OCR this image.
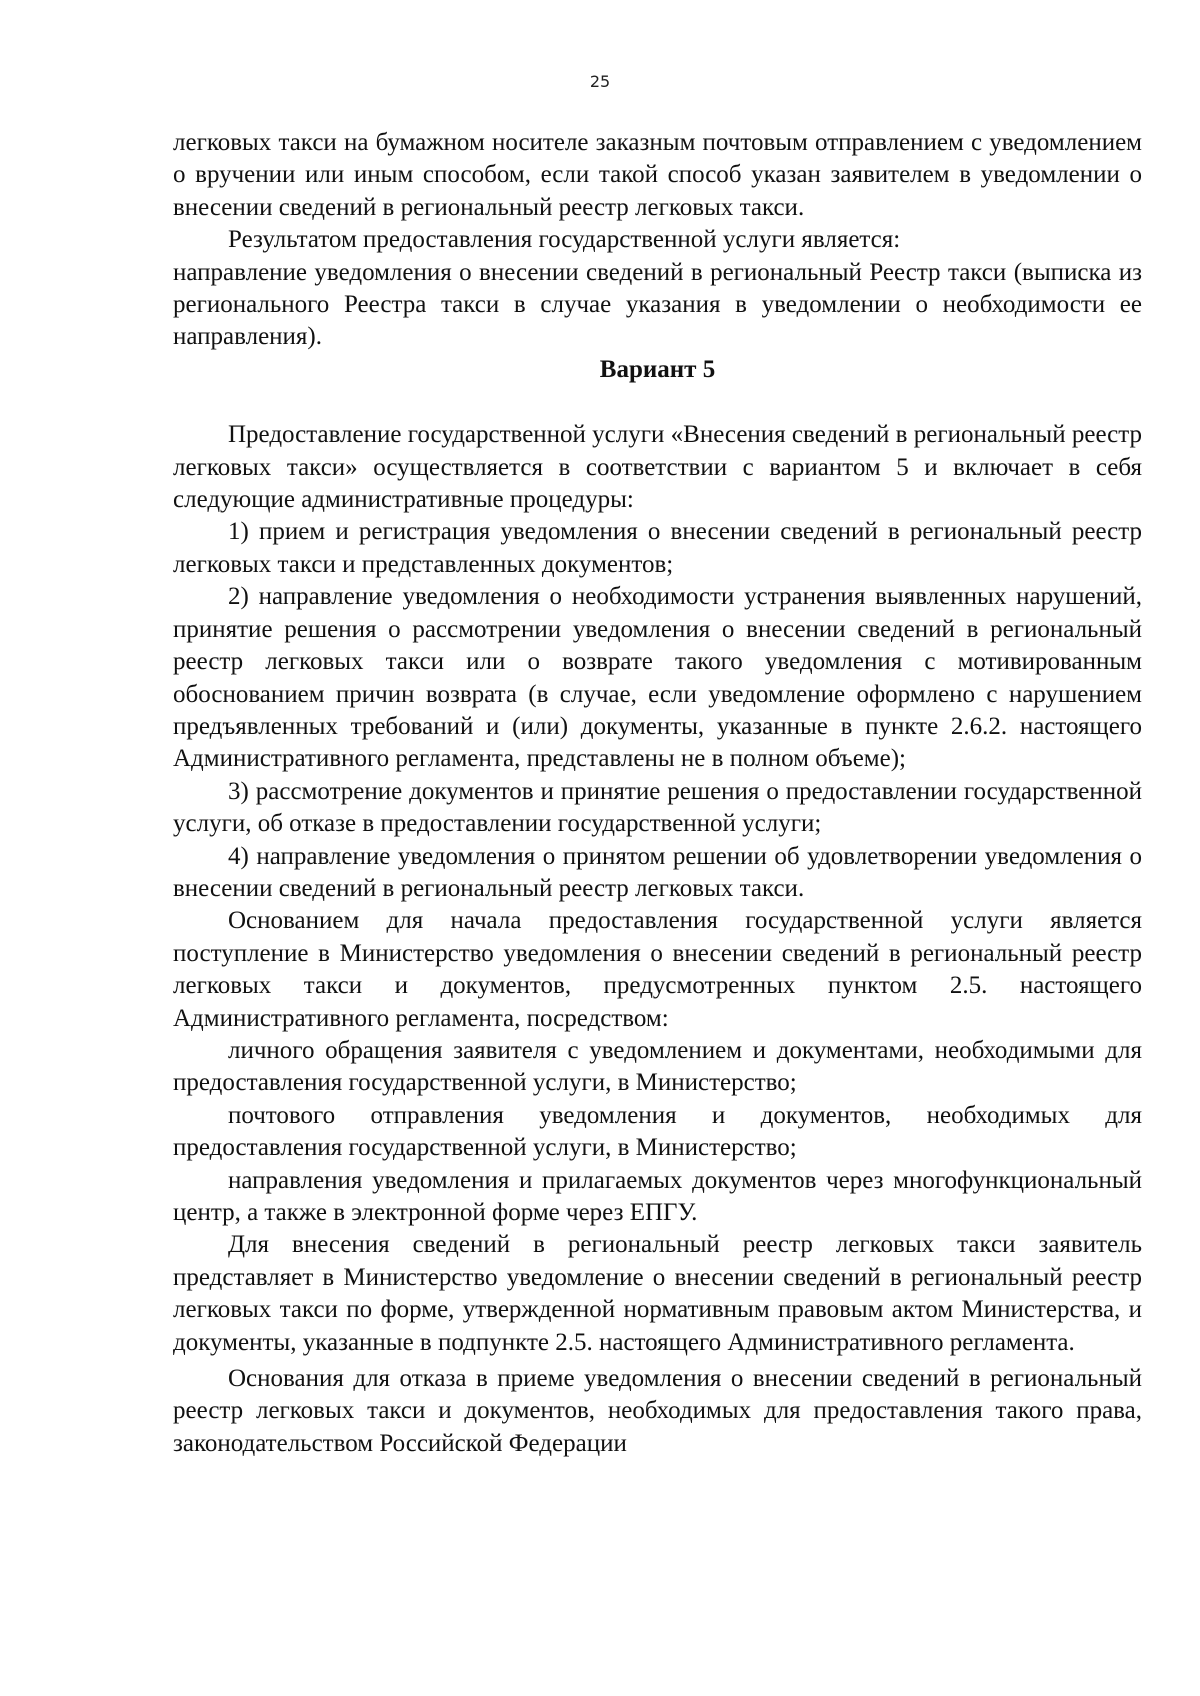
25

легковых такси на бумажном носителе заказным почтовым отправлением с уведомлением о вручении или иным способом, если такой способ указан заявителем в уведомлении о внесении сведений в региональный реестр легковых такси.

Результатом предоставления государственной услуги является:

направление уведомления о внесении сведений в региональный Реестр такси (выписка из регионального Реестра такси в случае указания в уведомлении о необходимости ее направления).

Вариант 5

Предоставление государственной услуги «Внесения сведений в региональный реестр легковых такси» осуществляется в соответствии с вариантом 5 и включает в себя следующие административные процедуры:

1) прием и регистрация уведомления о внесении сведений в региональный реестр легковых такси и представленных документов;

2) направление уведомления о необходимости устранения выявленных нарушений, принятие решения о рассмотрении уведомления о внесении сведений в региональный реестр легковых такси или о возврате такого уведомления с мотивированным обоснованием причин возврата (в случае, если уведомление оформлено с нарушением предъявленных требований и (или) документы, указанные в пункте 2.6.2. настоящего Административного регламента, представлены не в полном объеме);

3) рассмотрение документов и принятие решения о предоставлении государственной услуги, об отказе в предоставлении государственной услуги;

4) направление уведомления о принятом решении об удовлетворении уведомления о внесении сведений в региональный реестр легковых такси.

Основанием для начала предоставления государственной услуги является поступление в Министерство уведомления о внесении сведений в региональный реестр легковых такси и документов, предусмотренных пунктом 2.5. настоящего Административного регламента, посредством:

личного обращения заявителя с уведомлением и документами, необходимыми для предоставления государственной услуги, в Министерство;

почтового отправления уведомления и документов, необходимых для предоставления государственной услуги, в Министерство;

направления уведомления и прилагаемых документов через многофункциональный центр, а также в электронной форме через ЕПГУ.

Для внесения сведений в региональный реестр легковых такси заявитель представляет в Министерство уведомление о внесении сведений в региональный реестр легковых такси по форме, утвержденной нормативным правовым актом Министерства, и документы, указанные в подпункте 2.5. настоящего Административного регламента.

Основания для отказа в приеме уведомления о внесении сведений в региональный реестр легковых такси и документов, необходимых для предоставления такого права, законодательством Российской Федерации
